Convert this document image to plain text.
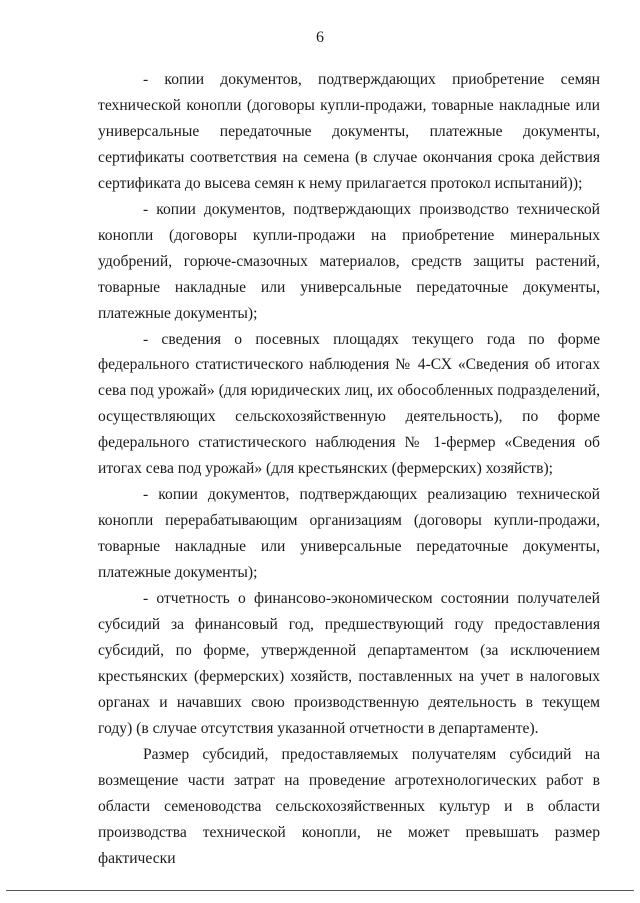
6

- копии документов, подтверждающих приобретение семян технической конопли (договоры купли-продажи, товарные накладные или универсальные передаточные документы, платежные документы, сертификаты соответствия на семена (в случае окончания срока действия сертификата до высева семян к нему прилагается протокол испытаний));

- копии документов, подтверждающих производство технической конопли (договоры купли-продажи на приобретение минеральных удобрений, горюче-смазочных материалов, средств защиты растений, товарные накладные или универсальные передаточные документы, платежные документы);

- сведения о посевных площадях текущего года по форме федерального статистического наблюдения № 4-СХ «Сведения об итогах сева под урожай» (для юридических лиц, их обособленных подразделений, осуществляющих сельскохозяйственную деятельность), по форме федерального статистического наблюдения № 1-фермер «Сведения об итогах сева под урожай» (для крестьянских (фермерских) хозяйств);

- копии документов, подтверждающих реализацию технической конопли перерабатывающим организациям (договоры купли-продажи, товарные накладные или универсальные передаточные документы, платежные документы);

- отчетность о финансово-экономическом состоянии получателей субсидий за финансовый год, предшествующий году предоставления субсидий, по форме, утвержденной департаментом (за исключением крестьянских (фермерских) хозяйств, поставленных на учет в налоговых органах и начавших свою производственную деятельность в текущем году) (в случае отсутствия указанной отчетности в департаменте).

Размер субсидий, предоставляемых получателям субсидий на возмещение части затрат на проведение агротехнологических работ в области семеноводства сельскохозяйственных культур и в области производства технической конопли, не может превышать размер фактически
